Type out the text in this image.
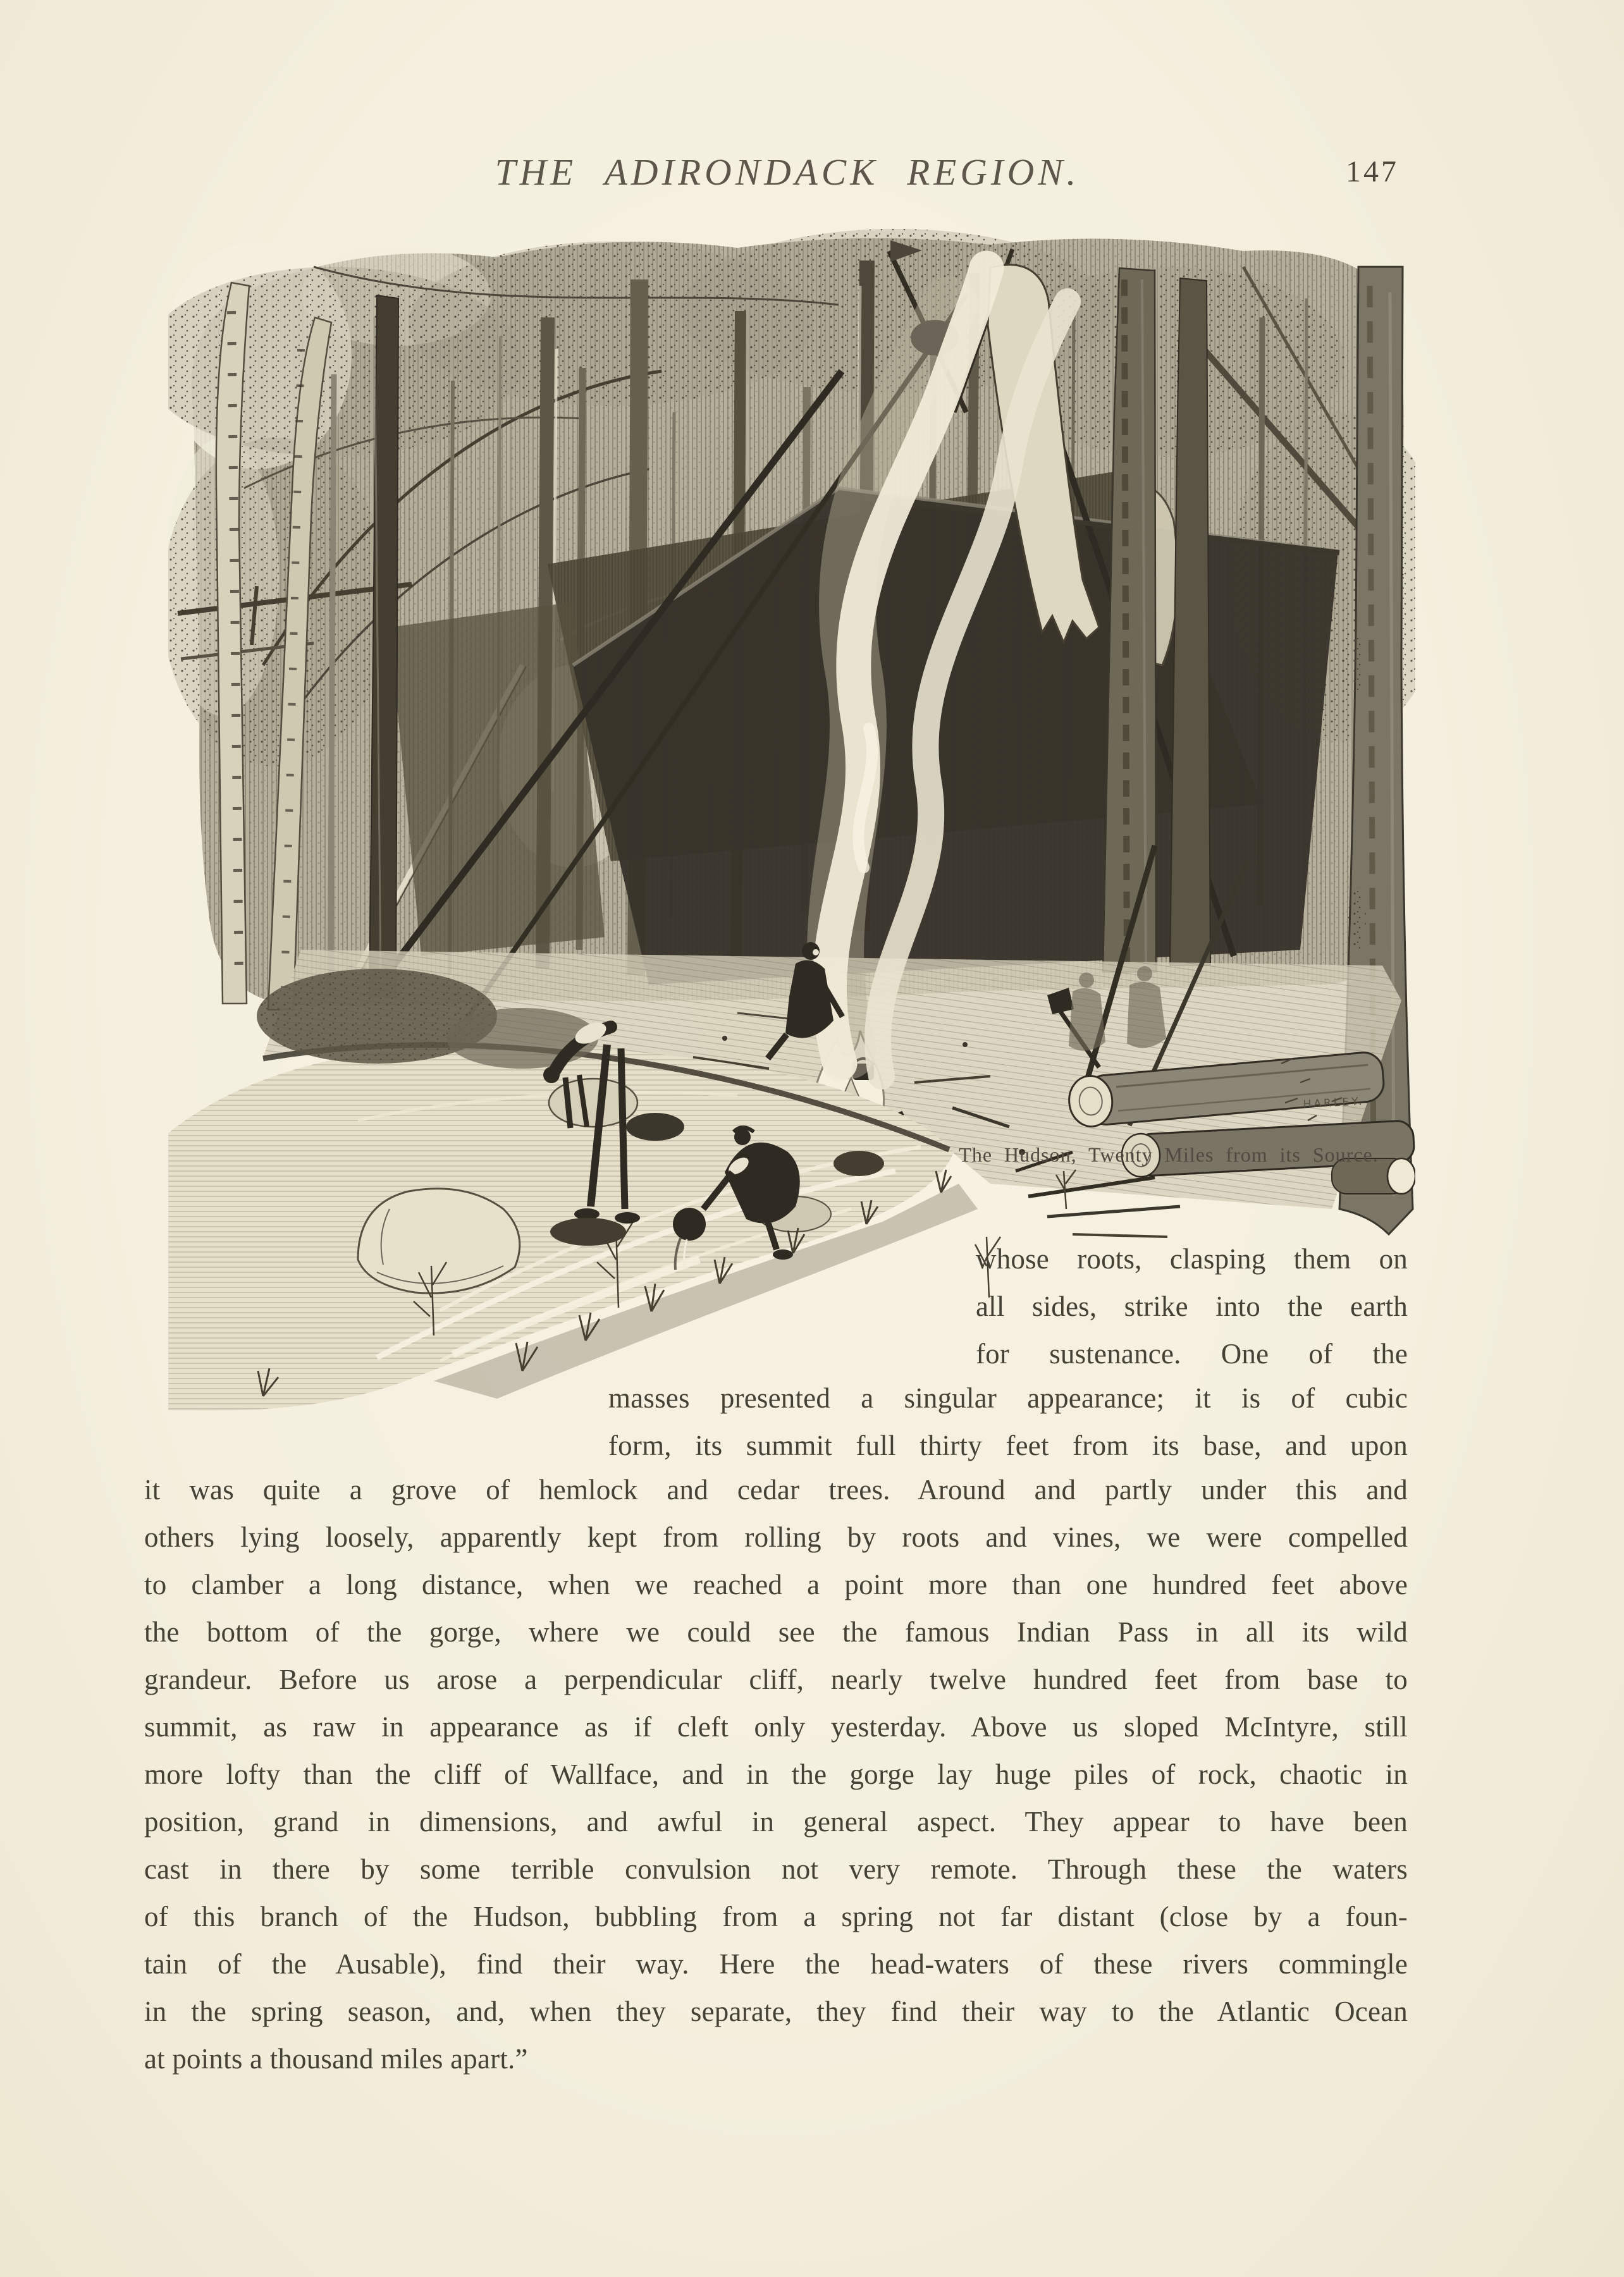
THE ADIRONDACK REGION.	147
HARLEY.
The Hudson, Twenty Miles from its Source.
whose roots, clasping them on
all sides, strike into the earth
for sustenance. One of the
masses presented a singular appearance; it is of cubic
form, its summit full thirty feet from its base, and upon
it was quite a grove of hemlock and cedar trees. Around and partly under this and
others lying loosely, apparently kept from rolling by roots and vines, we were compelled
to clamber a long distance, when we reached a point more than one hundred feet above
the bottom of the gorge, where we could see the famous Indian Pass in all its wild
grandeur. Before us arose a perpendicular cliff, nearly twelve hundred feet from base to
summit, as raw in appearance as if cleft only yesterday. Above us sloped McIntyre, still
more lofty than the cliff of Wallface, and in the gorge lay huge piles of rock, chaotic in
position, grand in dimensions, and awful in general aspect. They appear to have been
cast in there by some terrible convulsion not very remote. Through these the waters
of this branch of the Hudson, bubbling from a spring not far distant (close by a foun-
tain of the Ausable), find their way. Here the head-waters of these rivers commingle
in the spring season, and, when they separate, they find their way to the Atlantic Ocean
at points a thousand miles apart.”
